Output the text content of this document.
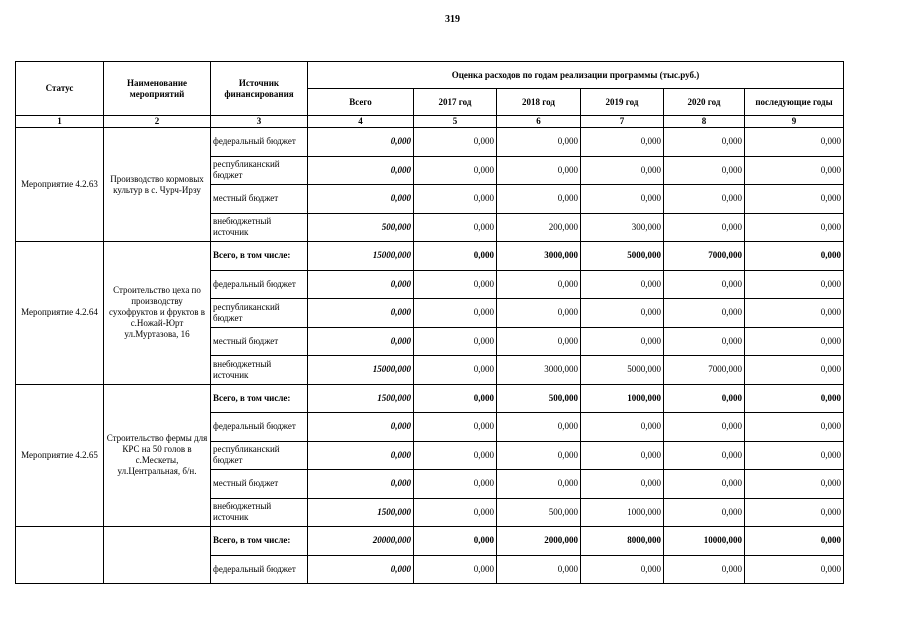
319
Статус	Наименование мероприятий	Источник финансирования	Оценка расходов по годам реализации программы (тыс.руб.)					
			Всего	2017 год	2018 год	2019 год	2020 год	последующие годы
1	2	3	4	5	6	7	8	9
Мероприятие 4.2.63	Производство кормовых культур в с. Чурч-Ирзу	федеральный бюджет	0,000	0,000	0,000	0,000	0,000	0,000
		республиканский бюджет	0,000	0,000	0,000	0,000	0,000	0,000
		местный бюджет	0,000	0,000	0,000	0,000	0,000	0,000
		внебюджетный источник	500,000	0,000	200,000	300,000	0,000	0,000
Мероприятие 4.2.64	Строительство цеха по производству сухофруктов и фруктов в с.Ножай-Юрт ул.Муртазова, 16	Всего, в том числе:	15000,000	0,000	3000,000	5000,000	7000,000	0,000
		федеральный бюджет	0,000	0,000	0,000	0,000	0,000	0,000
		республиканский бюджет	0,000	0,000	0,000	0,000	0,000	0,000
		местный бюджет	0,000	0,000	0,000	0,000	0,000	0,000
		внебюджетный источник	15000,000	0,000	3000,000	5000,000	7000,000	0,000
Мероприятие 4.2.65	Строительство фермы для КРС на 50 голов в с.Мескеты, ул.Центральная, б/н.	Всего, в том числе:	1500,000	0,000	500,000	1000,000	0,000	0,000
		федеральный бюджет	0,000	0,000	0,000	0,000	0,000	0,000
		республиканский бюджет	0,000	0,000	0,000	0,000	0,000	0,000
		местный бюджет	0,000	0,000	0,000	0,000	0,000	0,000
		внебюджетный источник	1500,000	0,000	500,000	1000,000	0,000	0,000
		Всего, в том числе:	20000,000	0,000	2000,000	8000,000	10000,000	0,000
		федеральный бюджет	0,000	0,000	0,000	0,000	0,000	0,000
